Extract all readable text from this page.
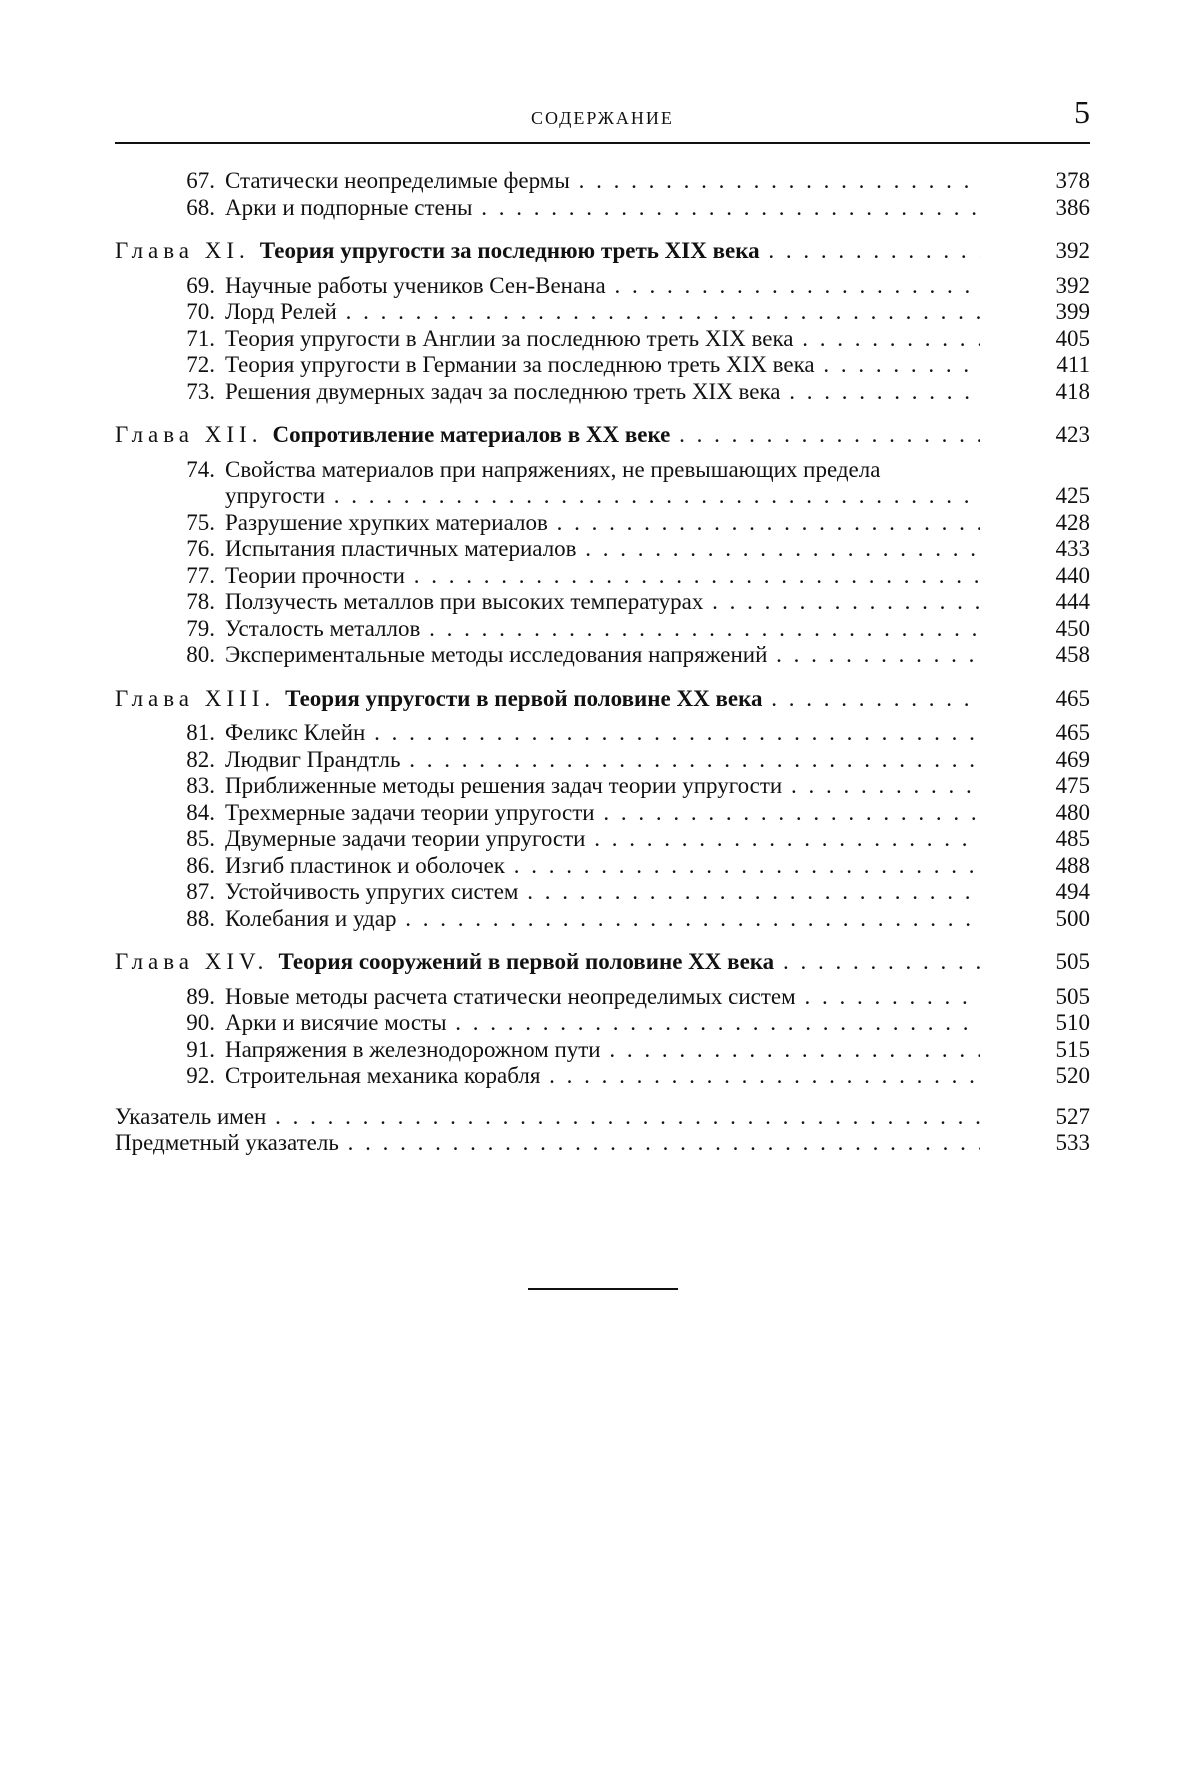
СОДЕРЖАНИЕ	5
67. Статически неопределимые фермы . . .	378
68. Арки и подпорные стены . . .	386
Глава XI. Теория упругости за последнюю треть XIX века . . .	392
69. Научные работы учеников Сен-Венана . . .	392
70. Лорд Релей . . .	399
71. Теория упругости в Англии за последнюю треть XIX века . . .	405
72. Теория упругости в Германии за последнюю треть XIX века . . .	411
73. Решения двумерных задач за последнюю треть XIX века . . .	418
Глава XII. Сопротивление материалов в XX веке . . .	423
74. Свойства материалов при напряжениях, не превышающих предела упругости . . .	425
75. Разрушение хрупких материалов . . .	428
76. Испытания пластичных материалов . . .	433
77. Теории прочности . . .	440
78. Ползучесть металлов при высоких температурах . . .	444
79. Усталость металлов . . .	450
80. Экспериментальные методы исследования напряжений . . .	458
Глава XIII. Теория упругости в первой половине XX века . . .	465
81. Феликс Клейн . . .	465
82. Людвиг Прандтль . . .	469
83. Приближенные методы решения задач теории упругости . . .	475
84. Трехмерные задачи теории упругости . . .	480
85. Двумерные задачи теории упругости . . .	485
86. Изгиб пластинок и оболочек . . .	488
87. Устойчивость упругих систем . . .	494
88. Колебания и удар . . .	500
Глава XIV. Теория сооружений в первой половине XX века . . .	505
89. Новые методы расчета статически неопределимых систем . . .	505
90. Арки и висячие мосты . . .	510
91. Напряжения в железнодорожном пути . . .	515
92. Строительная механика корабля . . .	520
Указатель имен . . .	527
Предметный указатель . . .	533
